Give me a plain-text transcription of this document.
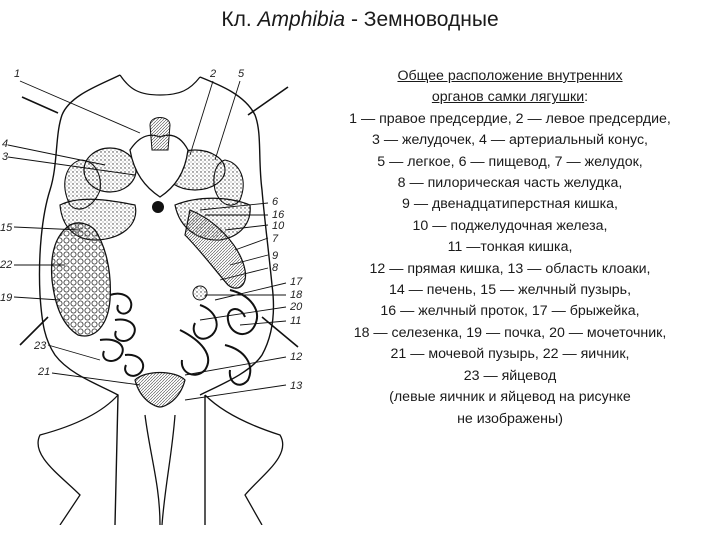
Кл. Amphibia - Земноводные
Общее расположение внутренних
органов самки лягушки:
1 — правое предсердие, 2 — левое предсердие,
3 — желудочек, 4 — артериальный конус,
5 — легкое, 6 — пищевод, 7 — желудок,
8 — пилорическая часть желудка,
9 — двенадцатиперстная кишка,
10 — поджелудочная железа,
11 —тонкая кишка,
12 — прямая кишка, 13 — область клоаки,
14 — печень, 15 — желчный пузырь,
16 — желчный проток, 17 — брыжейка,
18 — селезенка, 19 — почка, 20 — мочеточник,
21 — мочевой пузырь, 22 — яичник,
23 — яйцевод
(левые яичник и яйцевод на рисунке
не изображены)
1
4
3
15
22
19
23
21
2 5
6
16
10
7
9
8
17
18
20
11
12
13
